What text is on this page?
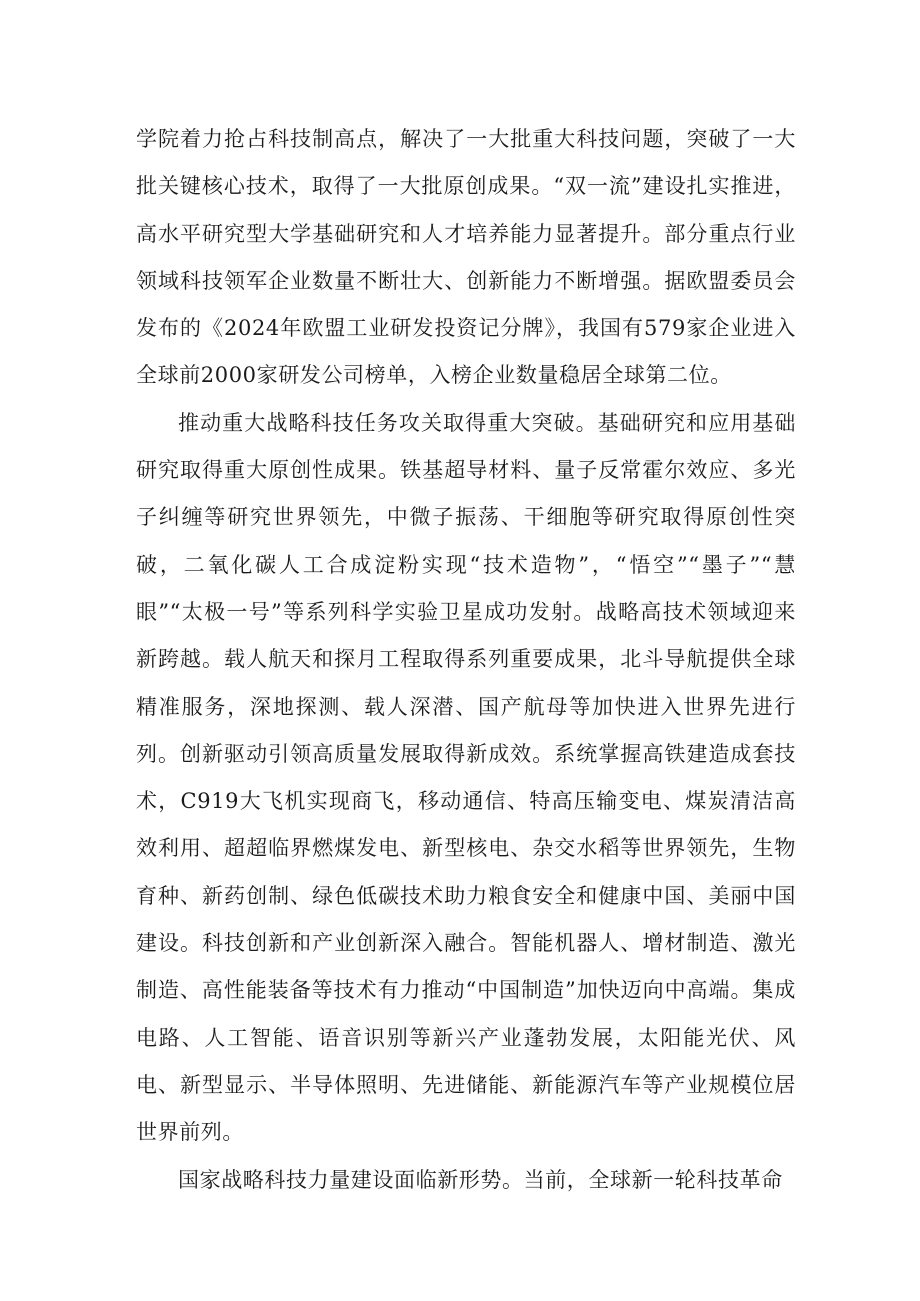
学院着力抢占科技制高点，解决了一大批重大科技问题，突破了一大批关键核心技术，取得了一大批原创成果。“双一流”建设扎实推进，高水平研究型大学基础研究和人才培养能力显著提升。部分重点行业领域科技领军企业数量不断壮大、创新能力不断增强。据欧盟委员会发布的《2024年欧盟工业研发投资记分牌》，我国有579家企业进入全球前2000家研发公司榜单，入榜企业数量稳居全球第二位。

推动重大战略科技任务攻关取得重大突破。基础研究和应用基础研究取得重大原创性成果。铁基超导材料、量子反常霍尔效应、多光子纠缠等研究世界领先，中微子振荡、干细胞等研究取得原创性突破，二氧化碳人工合成淀粉实现“技术造物”，“悟空”“墨子”“慧眼”“太极一号”等系列科学实验卫星成功发射。战略高技术领域迎来新跨越。载人航天和探月工程取得系列重要成果，北斗导航提供全球精准服务，深地探测、载人深潜、国产航母等加快进入世界先进行列。创新驱动引领高质量发展取得新成效。系统掌握高铁建造成套技术，C919大飞机实现商飞，移动通信、特高压输变电、煤炭清洁高效利用、超超临界燃煤发电、新型核电、杂交水稻等世界领先，生物育种、新药创制、绿色低碳技术助力粮食安全和健康中国、美丽中国建设。科技创新和产业创新深入融合。智能机器人、增材制造、激光制造、高性能装备等技术有力推动“中国制造”加快迈向中高端。集成电路、人工智能、语音识别等新兴产业蓬勃发展，太阳能光伏、风电、新型显示、半导体照明、先进储能、新能源汽车等产业规模位居世界前列。

国家战略科技力量建设面临新形势。当前，全球新一轮科技革命
